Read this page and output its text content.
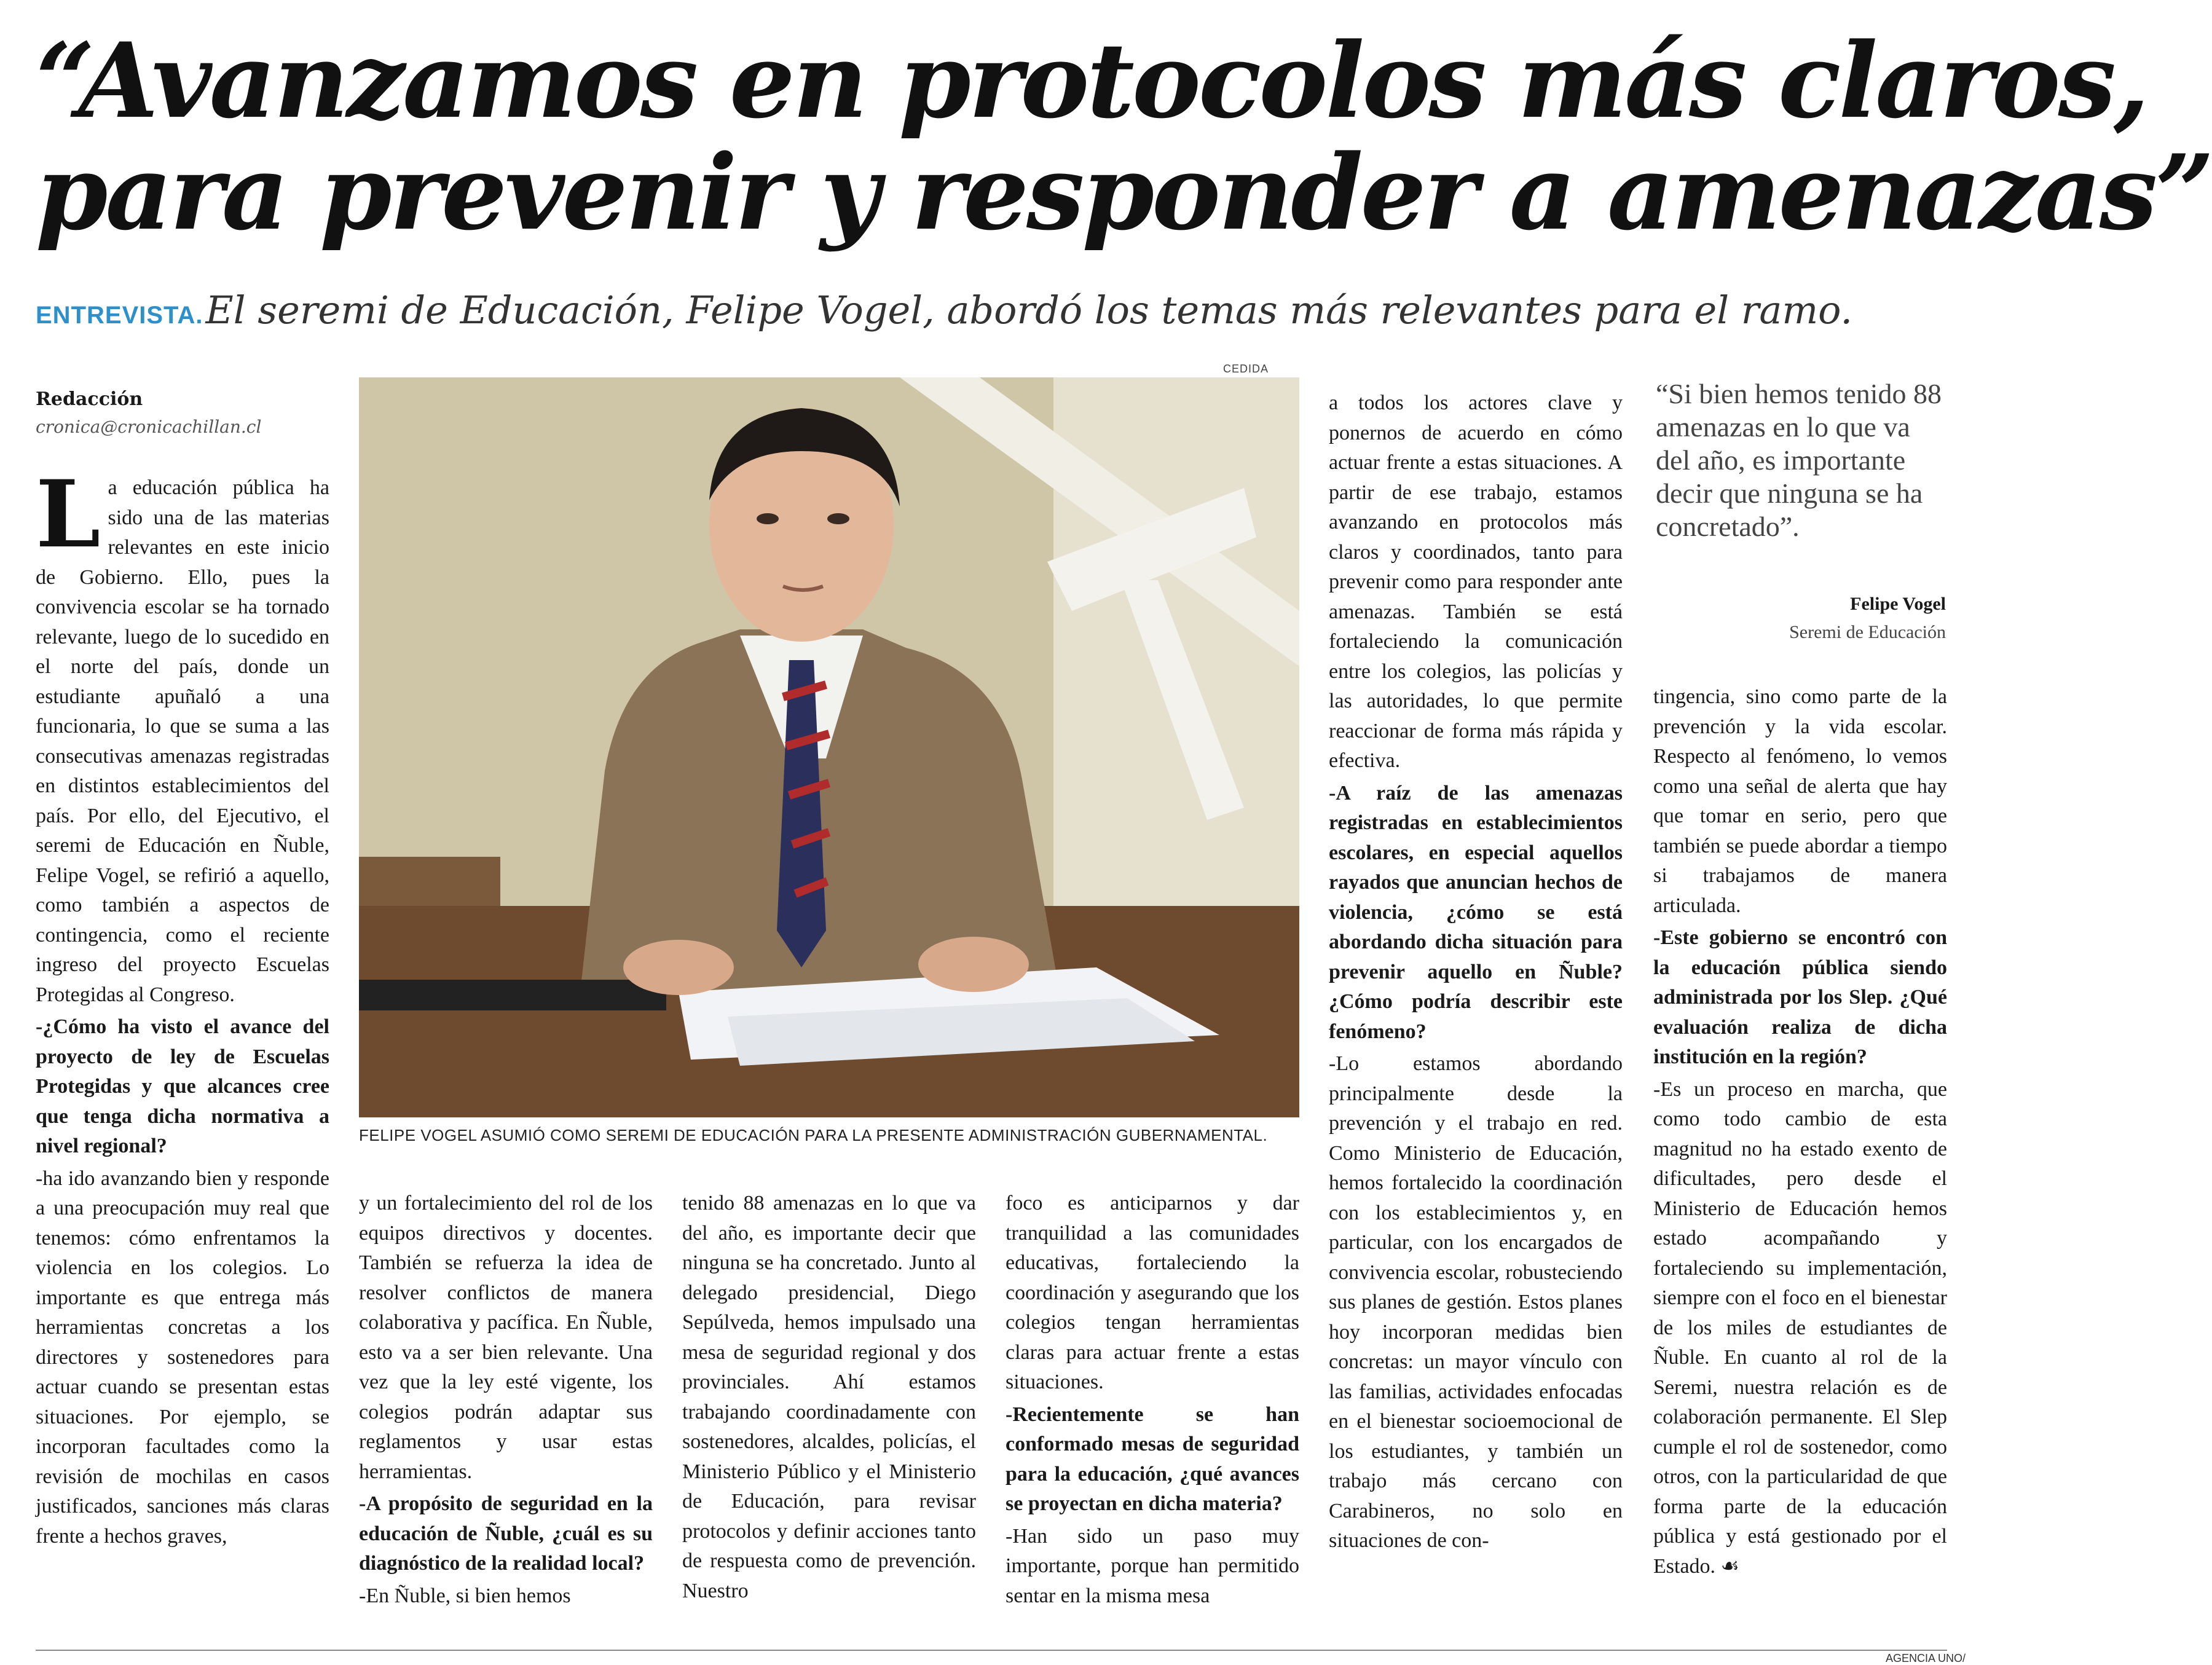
“Avanzamos en protocolos más claros,
para prevenir y responder a amenazas”
ENTREVISTA. El seremi de Educación, Felipe Vogel, abordó los temas más relevantes para el ramo.
Redacción
cronica@cronicachillan.cl
L a educación pública ha sido una de las materias relevantes en este inicio de Gobierno. Ello, pues la convivencia escolar se ha tornado relevante, luego de lo sucedido en el norte del país, donde un estudiante apuñaló a una funcionaria, lo que se suma a las consecutivas amenazas registradas en distintos establecimientos del país. Por ello, del Ejecutivo, el seremi de Educación en Ñuble, Felipe Vogel, se refirió a aquello, como también a aspectos de contingencia, como el reciente ingreso del proyecto Escuelas Protegidas al Congreso.

-¿Cómo ha visto el avance del proyecto de ley de Escuelas Protegidas y que alcances cree que tenga dicha normativa a nivel regional?

-ha ido avanzando bien y responde a una preocupación muy real que tenemos: cómo enfrentamos la violencia en los colegios. Lo importante es que entrega más herramientas concretas a los directores y sostenedores para actuar cuando se presentan estas situaciones. Por ejemplo, se incorporan facultades como la revisión de mochilas en casos justificados, sanciones más claras frente a hechos graves,

CEDIDA
FELIPE VOGEL ASUMIÓ COMO SEREMI DE EDUCACIÓN PARA LA PRESENTE ADMINISTRACIÓN GUBERNAMENTAL.

y un fortalecimiento del rol de los equipos directivos y docentes. También se refuerza la idea de resolver conflictos de manera colaborativa y pacífica. En Ñuble, esto va a ser bien relevante. Una vez que la ley esté vigente, los colegios podrán adaptar sus reglamentos y usar estas herramientas.

-A propósito de seguridad en la educación de Ñuble, ¿cuál es su diagnóstico de la realidad local?

-En Ñuble, si bien hemos

tenido 88 amenazas en lo que va del año, es importante decir que ninguna se ha concretado. Junto al delegado presidencial, Diego Sepúlveda, hemos impulsado una mesa de seguridad regional y dos provinciales. Ahí estamos trabajando coordinadamente con sostenedores, alcaldes, policías, el Ministerio Público y el Ministerio de Educación, para revisar protocolos y definir acciones tanto de respuesta como de prevención. Nuestro

foco es anticiparnos y dar tranquilidad a las comunidades educativas, fortaleciendo la coordinación y asegurando que los colegios tengan herramientas claras para actuar frente a estas situaciones.

-Recientemente se han conformado mesas de seguridad para la educación, ¿qué avances se proyectan en dicha materia?

-Han sido un paso muy importante, porque han permitido sentar en la misma mesa

a todos los actores clave y ponernos de acuerdo en cómo actuar frente a estas situaciones. A partir de ese trabajo, estamos avanzando en protocolos más claros y coordinados, tanto para prevenir como para responder ante amenazas. También se está fortaleciendo la comunicación entre los colegios, las policías y las autoridades, lo que permite reaccionar de forma más rápida y efectiva.

-A raíz de las amenazas registradas en establecimientos escolares, en especial aquellos rayados que anuncian hechos de violencia, ¿cómo se está abordando dicha situación para prevenir aquello en Ñuble? ¿Cómo podría describir este fenómeno?

-Lo estamos abordando principalmente desde la prevención y el trabajo en red. Como Ministerio de Educación, hemos fortalecido la coordinación con los establecimientos y, en particular, con los encargados de convivencia escolar, robusteciendo sus planes de gestión. Estos planes hoy incorporan medidas bien concretas: un mayor vínculo con las familias, actividades enfocadas en el bienestar socioemocional de los estudiantes, y también un trabajo más cercano con Carabineros, no solo en situaciones de con-

“Si bien hemos tenido 88 amenazas en lo que va del año, es importante decir que ninguna se ha concretado”.
Felipe Vogel
Seremi de Educación

tingencia, sino como parte de la prevención y la vida escolar. Respecto al fenómeno, lo vemos como una señal de alerta que hay que tomar en serio, pero que también se puede abordar a tiempo si trabajamos de manera articulada.

-Este gobierno se encontró con la educación pública siendo administrada por los Slep. ¿Qué evaluación realiza de dicha institución en la región?

-Es un proceso en marcha, que como todo cambio de esta magnitud no ha estado exento de dificultades, pero desde el Ministerio de Educación hemos estado acompañando y fortaleciendo su implementación, siempre con el foco en el bienestar de los miles de estudiantes de Ñuble. En cuanto al rol de la Seremi, nuestra relación es de colaboración permanente. El Slep cumple el rol de sostenedor, como otros, con la particularidad de que forma parte de la educación pública y está gestionado por el Estado. ☙

AGENCIA UNO/
